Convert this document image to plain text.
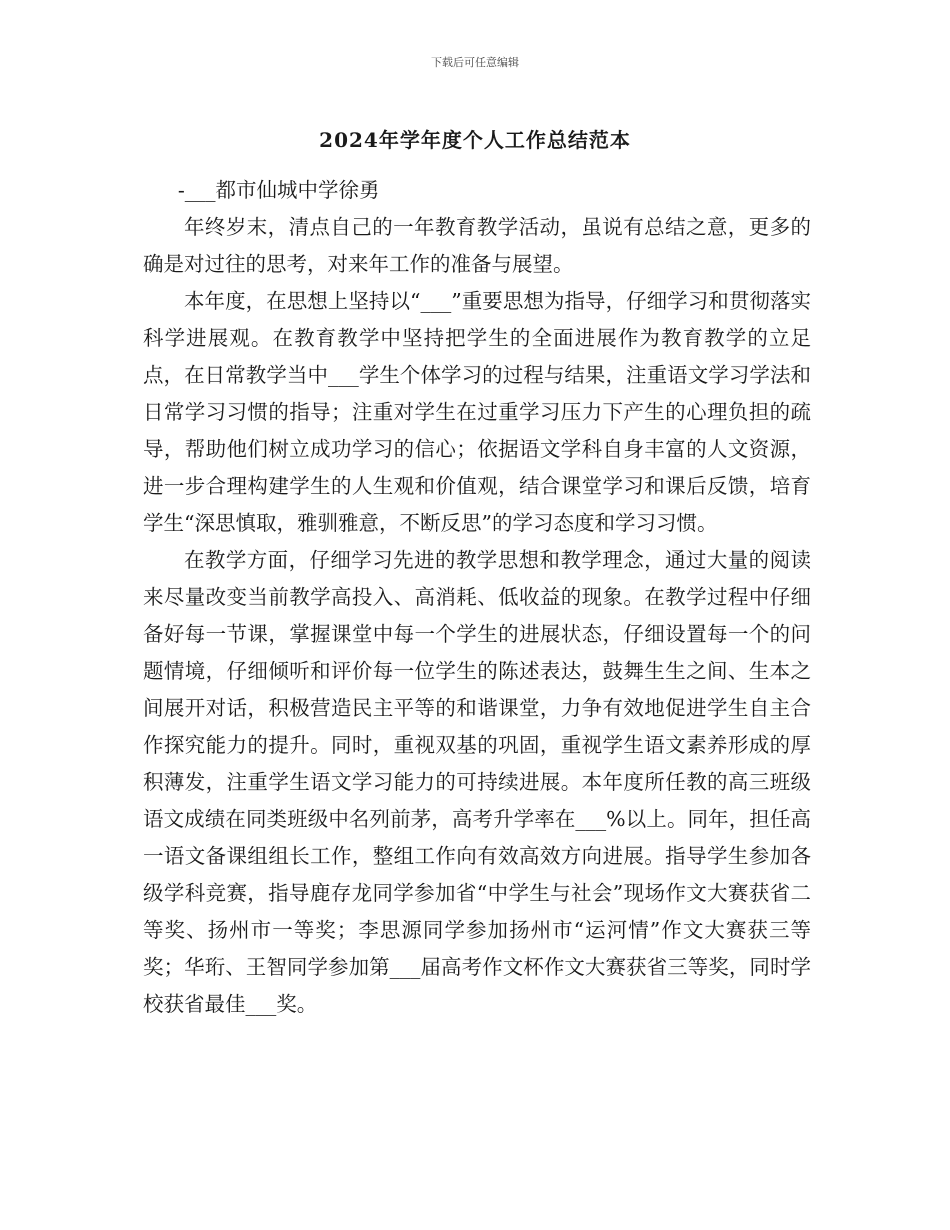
下载后可任意编辑
2024年学年度个人工作总结范本

-___都市仙城中学徐勇

年终岁末，清点自己的一年教育教学活动，虽说有总结之意，更多的确是对过往的思考，对来年工作的准备与展望。

本年度，在思想上坚持以“___”重要思想为指导，仔细学习和贯彻落实科学进展观。在教育教学中坚持把学生的全面进展作为教育教学的立足点，在日常教学当中___学生个体学习的过程与结果，注重语文学习学法和日常学习习惯的指导；注重对学生在过重学习压力下产生的心理负担的疏导，帮助他们树立成功学习的信心；依据语文学科自身丰富的人文资源，进一步合理构建学生的人生观和价值观，结合课堂学习和课后反馈，培育学生“深思慎取，雅驯雅意，不断反思”的学习态度和学习习惯。

在教学方面，仔细学习先进的教学思想和教学理念，通过大量的阅读来尽量改变当前教学高投入、高消耗、低收益的现象。在教学过程中仔细备好每一节课，掌握课堂中每一个学生的进展状态，仔细设置每一个的问题情境，仔细倾听和评价每一位学生的陈述表达，鼓舞生生之间、生本之间展开对话，积极营造民主平等的和谐课堂，力争有效地促进学生自主合作探究能力的提升。同时，重视双基的巩固，重视学生语文素养形成的厚积薄发，注重学生语文学习能力的可持续进展。本年度所任教的高三班级语文成绩在同类班级中名列前茅，高考升学率在___%以上。同年，担任高一语文备课组组长工作，整组工作向有效高效方向进展。指导学生参加各级学科竞赛，指导鹿存龙同学参加省“中学生与社会”现场作文大赛获省二等奖、扬州市一等奖；李思源同学参加扬州市“运河情”作文大赛获三等奖；华珩、王智同学参加第___届高考作文杯作文大赛获省三等奖，同时学校获省最佳___奖。
